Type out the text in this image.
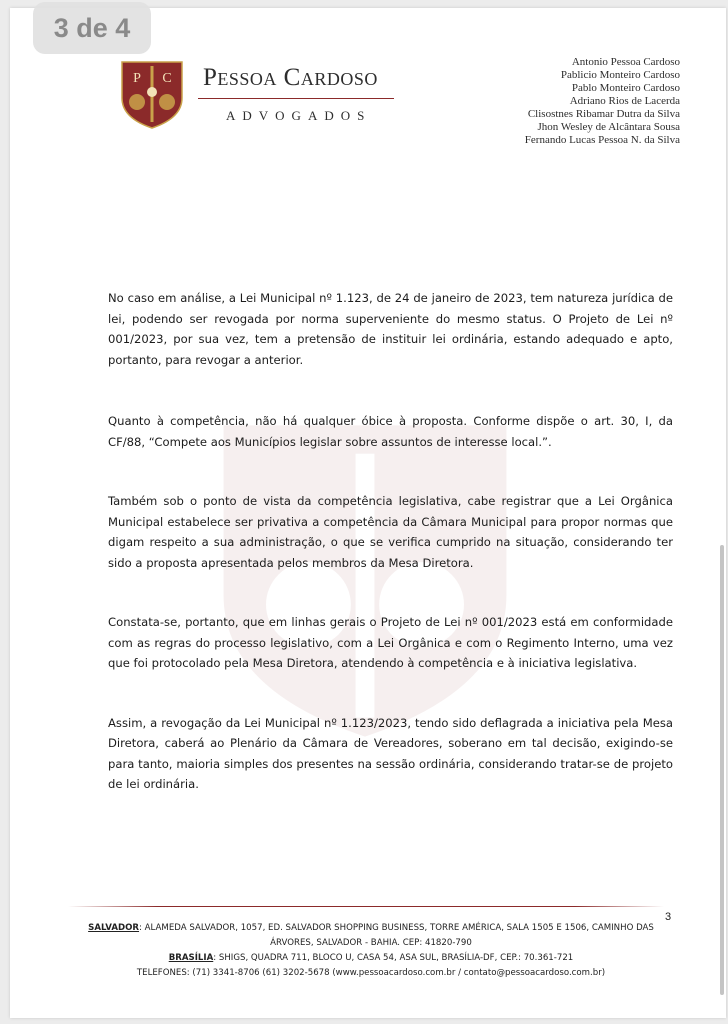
3 de 4
P C Pessoa Cardoso
ADVOGADOS
Antonio Pessoa Cardoso
Pablicio Monteiro Cardoso
Pablo Monteiro Cardoso
Adriano Rios de Lacerda
Clisostnes Ribamar Dutra da Silva
Jhon Wesley de Alcântara Sousa
Fernando Lucas Pessoa N. da Silva

No caso em análise, a Lei Municipal nº 1.123, de 24 de janeiro de 2023, tem natureza jurídica de lei, podendo ser revogada por norma superveniente do mesmo status. O Projeto de Lei nº 001/2023, por sua vez, tem a pretensão de instituir lei ordinária, estando adequado e apto, portanto, para revogar a anterior.

Quanto à competência, não há qualquer óbice à proposta. Conforme dispõe o art. 30, I, da CF/88, “Compete aos Municípios legislar sobre assuntos de interesse local.”.

Também sob o ponto de vista da competência legislativa, cabe registrar que a Lei Orgânica Municipal estabelece ser privativa a competência da Câmara Municipal para propor normas que digam respeito a sua administração, o que se verifica cumprido na situação, considerando ter sido a proposta apresentada pelos membros da Mesa Diretora.

Constata-se, portanto, que em linhas gerais o Projeto de Lei nº 001/2023 está em conformidade com as regras do processo legislativo, com a Lei Orgânica e com o Regimento Interno, uma vez que foi protocolado pela Mesa Diretora, atendendo à competência e à iniciativa legislativa.

Assim, a revogação da Lei Municipal nº 1.123/2023, tendo sido deflagrada a iniciativa pela Mesa Diretora, caberá ao Plenário da Câmara de Vereadores, soberano em tal decisão, exigindo-se para tanto, maioria simples dos presentes na sessão ordinária, considerando tratar-se de projeto de lei ordinária.

3
SALVADOR: ALAMEDA SALVADOR, 1057, ED. SALVADOR SHOPPING BUSINESS, TORRE AMÉRICA, SALA 1505 E 1506, CAMINHO DAS ÁRVORES, SALVADOR - BAHIA. CEP: 41820-790
BRASÍLIA: SHIGS, QUADRA 711, BLOCO U, CASA 54, ASA SUL, BRASÍLIA-DF, CEP.: 70.361-721
TELEFONES: (71) 3341-8706 (61) 3202-5678 (www.pessoacardoso.com.br / contato@pessoacardoso.com.br)
